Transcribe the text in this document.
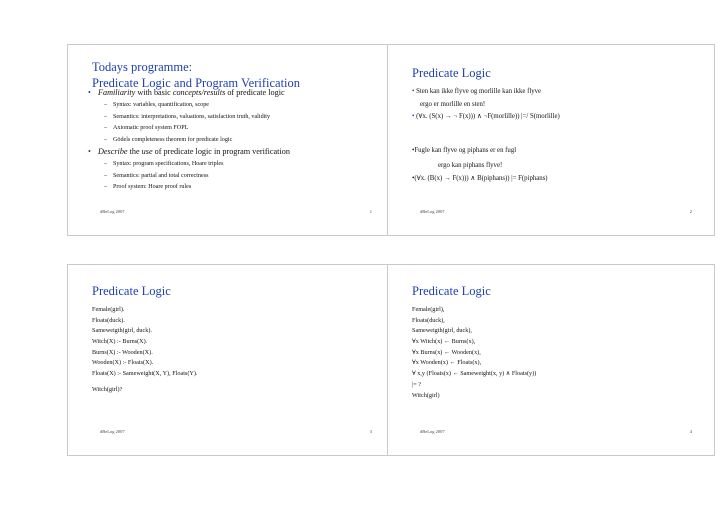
Todays programme:
Predicate Logic and Program Verification
• Familiarity with basic concepts/results of predicate logic
– Syntax: variables, quantification, scope
– Semantics: interpretations, valuations, satisfaction truth, validity
– Axiomatic proof system FOPL
– Gödels completeness theorem for predicate logic
• Describe the use of predicate logic in program verification
– Syntax: program specifications, Hoare triples
– Semantics: partial and total correctness
– Proof system: Hoare proof rules
dBeLog 2007	1
Predicate Logic
• Sten kan ikke flyve og morlille kan ikke flyve
ergo er morlille en sten!
• (∀x. (S(x) → ¬ F(x))) ∧ ¬F(morlille)) |=/ S(morlille)
•Fugle kan flyve og piphans er en fugl
ergo kan piphans flyve!
•(∀x. (B(x) → F(x))) ∧ B(piphans)) |= F(piphans)
dBeLog 2007	2
Predicate Logic
Female(girl).
Floats(duck).
Sameweigth(girl, duck).
Witch(X) :- Burns(X).
Burns(X) :- Wooden(X).
Wooden(X) :- Floats(X).
Floats(X) :- Sameweight(X, Y), Floats(Y).
Witch(girl)?
dBeLog 2007	3
Predicate Logic
Female(girl),
Floats(duck),
Sameweigth(girl, duck),
∀x Witch(x) ← Burns(x),
∀x Burns(x) ← Wooden(x),
∀x Wooden(x) ← Floats(x),
∀ x,y (Floats(x) ← Sameweight(x, y) ∧ Floats(y))
|= ?
Witch(girl)
dBeLog 2007	4
